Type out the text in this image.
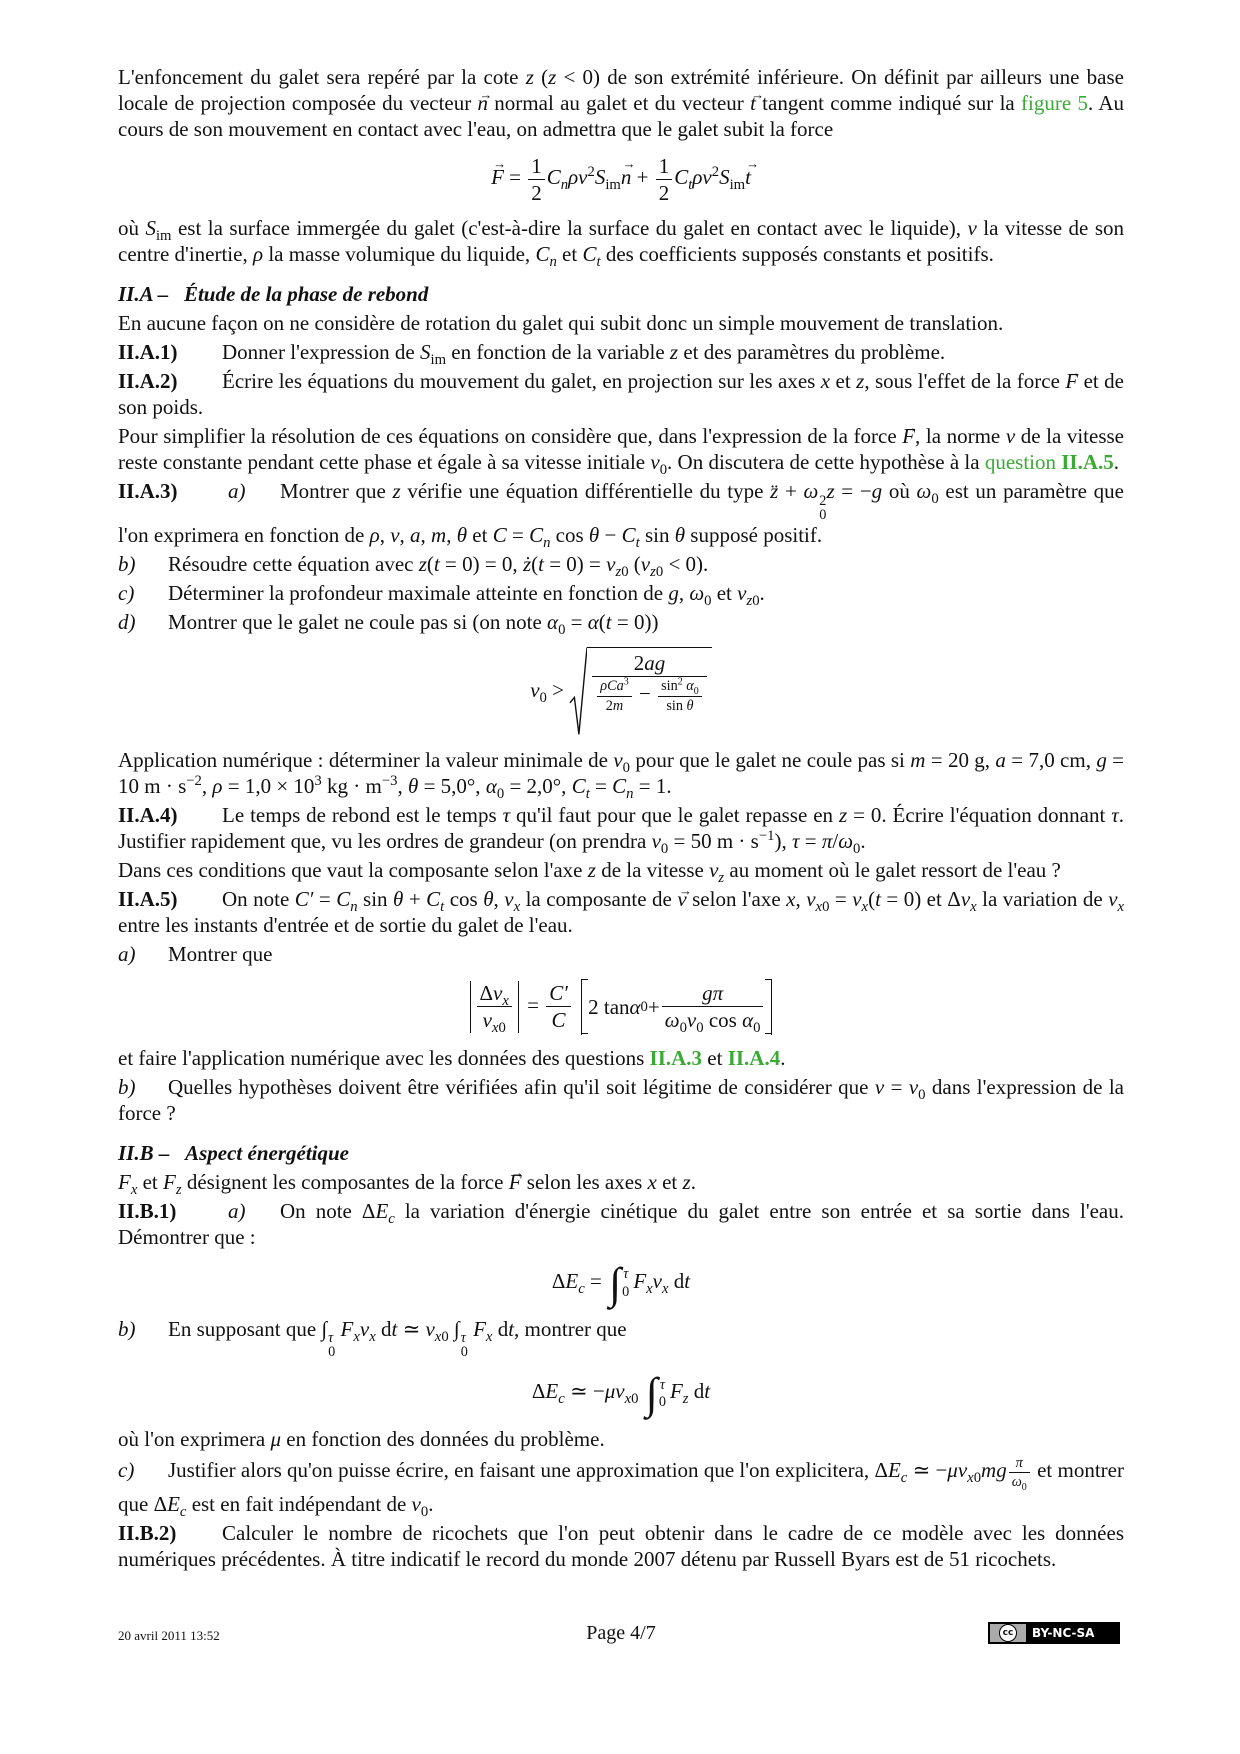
L'enfoncement du galet sera repéré par la cote z (z < 0) de son extrémité inférieure. On définit par ailleurs une base locale de projection composée du vecteur → n normal au galet et du vecteur → t tangent comme indiqué sur la figure 5. Au cours de son mouvement en contact avec l'eau, on admettra que le galet subit la force
→ $F = \frac{1}{2} C_n\rho v^2S_{im}\to n + \frac{1}{2} C_t\rho v^2S_{im}\to t$
où $S_{im}$ est la surface immergée du galet (c'est-à-dire la surface du galet en contact avec le liquide), v la vitesse de son centre d'inertie, ρ la masse volumique du liquide, $C_n$ et $C_t$ des coefficients supposés constants et positifs.
II.A –   Étude de la phase de rebond
En aucune façon on ne considère de rotation du galet qui subit donc un simple mouvement de translation.
II.A.1) Donner l'expression de $S_{im}$ en fonction de la variable z et des paramètres du problème.
II.A.2) Écrire les équations du mouvement du galet, en projection sur les axes x et z, sous l'effet de la force → F et de son poids.
Pour simplifier la résolution de ces équations on considère que, dans l'expression de la force → F, la norme v de la vitesse reste constante pendant cette phase et égale à sa vitesse initiale $v_0$. On discutera de cette hypothèse à la question II.A.5.
II.A.3) a) Montrer que z vérifie une équation différentielle du type z̈ + ω 2
0
z = −g où $\omega_0$ est un paramètre que l'on exprimera en fonction de ρ, v, a, m, θ et $C = C_n$ $\cos \theta - C_t$ sin θ supposé positif.
b) Résoudre cette équation avec z(t = 0) = 0, ż(t = $0) = v_{z0}$ $(v_{z0} < 0)$.
c) Déterminer la profondeur maximale atteinte en fonction de g, $\omega_0$ et $v_{z0}$.
d) Montrer que le galet ne coule pas si (on note $\alpha_0 = \alpha(t = 0)$)
$v_0 > \frac{2ag}{\frac{\rho Ca^3}{2m} - \frac{\sin^2 \alpha_0}{\text{sin θ}}}$
Application numérique : déterminer la valeur minimale de $v_0$ pour que le galet ne coule pas si m = 20 g, a = 7,0 cm, g = 10 $m \cdot s^{-2}$, $\rho = 1,0 \times 10^3$ kg · $m^{-3}$, θ = 5,0°, $\alpha_0 = 2,0^\circ$, $C_t = C_n = 1$.
II.A.4) Le temps de rebond est le temps τ qu'il faut pour que le galet repasse en z = 0. Écrire l'équation donnant τ. Justifier rapidement que, vu les ordres de grandeur (on prendra $v_0 = 50$ $m \cdot s^{-1}$), $\tau = \pi/\omega_0$.
Dans ces conditions que vaut la composante selon l'axe z de la vitesse $v_z$ au moment où le galet ressort de l'eau ?
II.A.5) On note $C' = C_n$ $\sin \theta + C_t$ cos θ, $v_x$ la composante de → v selon l'axe x, $v_{x0} = v_x(t = 0)$ et $\Delta v_x$ la variation de $v_x$ entre les instants d'entrée et de sortie du galet de l'eau.
a) Montrer que
$\frac{\Delta v_x}{v_{x0}} = \frac{C'}{C}$
2 tan α $0 + \frac{g\pi}{\omega_0v_0 \cos \alpha_0}$
et faire l'application numérique avec les données des questions II.A.3 et II.A.4.
b) Quelles hypothèses doivent être vérifiées afin qu'il soit légitime de considérer que $v = v_0$ dans l'expression de la force ?
II.B –   Aspect énergétique
$F_x$ et $F_z$ désignent les composantes de la force → F selon les axes x et z.
II.B.1) a) On note $\Delta E_c$ la variation d'énergie cinétique du galet entre son entrée et sa sortie dans l'eau. Démontrer que :
$\Delta E_c$ = ∫ τ
0 $F_xv_x$ dt
b) En supposant que ∫ τ
0
$F_xv_x$ dt ≃ $v_{x0}$ ∫ τ
0
$F_x$ dt, montrer que
$\Delta E_c$ ≃ $-\mu v_{x0}$ ∫ τ
0 $F_z$ dt
où l'on exprimera μ en fonction des données du problème.
c) Justifier alors qu'on puisse écrire, en faisant une approximation que l'on explicitera, $\Delta E_c$ ≃ $-\mu v_{x0}mg \frac{\pi}{\omega_0}$ et montrer que $\Delta E_c$ est en fait indépendant de $v_0$.
II.B.2) Calculer le nombre de ricochets que l'on peut obtenir dans le cadre de ce modèle avec les données numériques précédentes. À titre indicatif le record du monde 2007 détenu par Russell Byars est de 51 ricochets.
20 avril 2011 13:52	Page 4/7	cc	BY-NC-SA
